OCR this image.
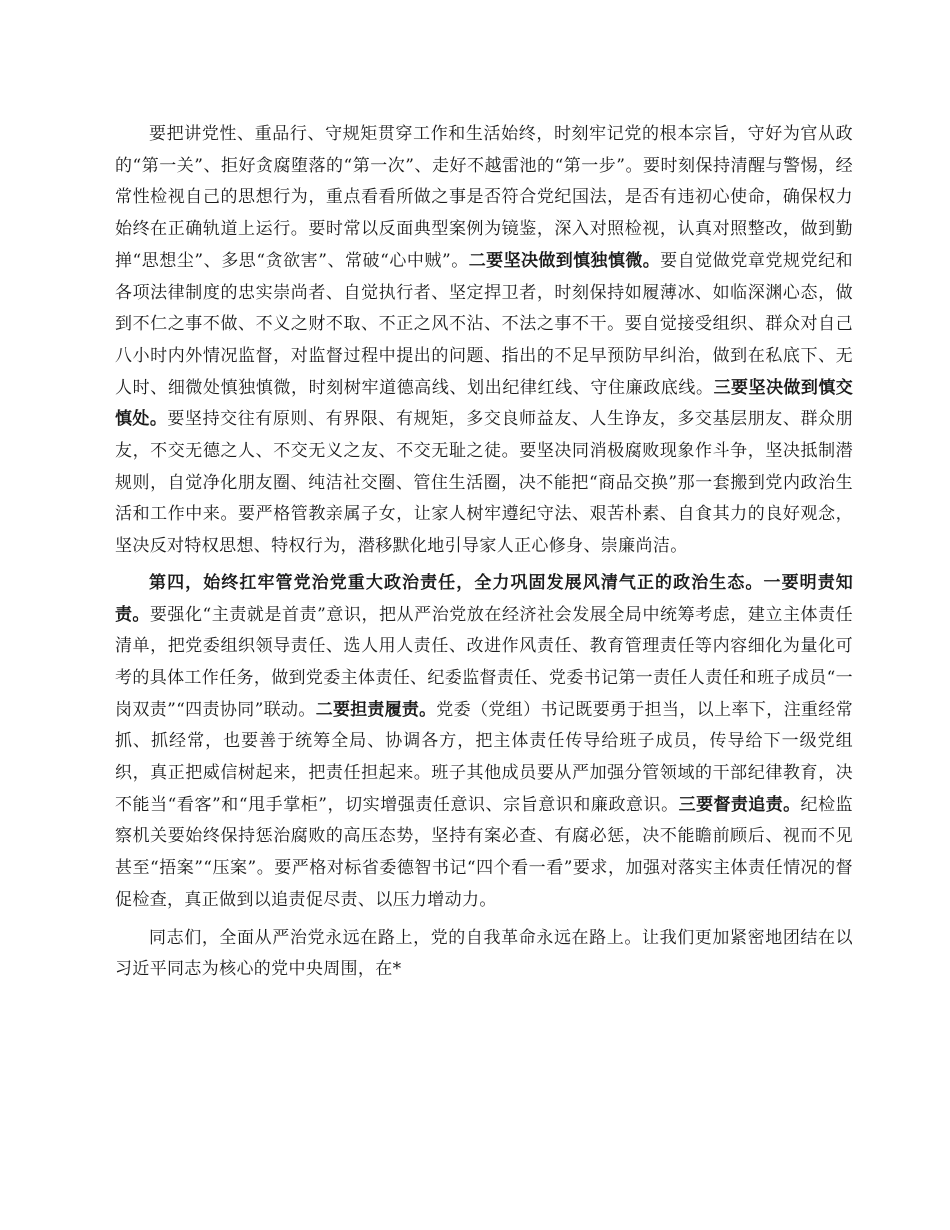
要把讲党性、重品行、守规矩贯穿工作和生活始终，时刻牢记党的根本宗旨，守好为官从政的“第一关”、拒好贪腐堕落的“第一次”、走好不越雷池的“第一步”。要时刻保持清醒与警惕，经常性检视自己的思想行为，重点看看所做之事是否符合党纪国法，是否有违初心使命，确保权力始终在正确轨道上运行。要时常以反面典型案例为镜鉴，深入对照检视，认真对照整改，做到勤掸“思想尘”、多思“贪欲害”、常破“心中贼”。二要坚决做到慎独慎微。要自觉做党章党规党纪和各项法律制度的忠实崇尚者、自觉执行者、坚定捍卫者，时刻保持如履薄冰、如临深渊心态，做到不仁之事不做、不义之财不取、不正之风不沾、不法之事不干。要自觉接受组织、群众对自己八小时内外情况监督，对监督过程中提出的问题、指出的不足早预防早纠治，做到在私底下、无人时、细微处慎独慎微，时刻树牢道德高线、划出纪律红线、守住廉政底线。三要坚决做到慎交慎处。要坚持交往有原则、有界限、有规矩，多交良师益友、人生诤友，多交基层朋友、群众朋友，不交无德之人、不交无义之友、不交无耻之徒。要坚决同消极腐败现象作斗争，坚决抵制潜规则，自觉净化朋友圈、纯洁社交圈、管住生活圈，决不能把“商品交换”那一套搬到党内政治生活和工作中来。要严格管教亲属子女，让家人树牢遵纪守法、艰苦朴素、自食其力的良好观念，坚决反对特权思想、特权行为，潜移默化地引导家人正心修身、崇廉尚洁。

第四，始终扛牢管党治党重大政治责任，全力巩固发展风清气正的政治生态。一要明责知责。要强化“主责就是首责”意识，把从严治党放在经济社会发展全局中统筹考虑，建立主体责任清单，把党委组织领导责任、选人用人责任、改进作风责任、教育管理责任等内容细化为量化可考的具体工作任务，做到党委主体责任、纪委监督责任、党委书记第一责任人责任和班子成员“一岗双责”“四责协同”联动。二要担责履责。党委（党组）书记既要勇于担当，以上率下，注重经常抓、抓经常，也要善于统筹全局、协调各方，把主体责任传导给班子成员，传导给下一级党组织，真正把威信树起来，把责任担起来。班子其他成员要从严加强分管领域的干部纪律教育，决不能当“看客”和“甩手掌柜”，切实增强责任意识、宗旨意识和廉政意识。三要督责追责。纪检监察机关要始终保持惩治腐败的高压态势，坚持有案必查、有腐必惩，决不能瞻前顾后、视而不见甚至“捂案”“压案”。要严格对标省委德智书记“四个看一看”要求，加强对落实主体责任情况的督促检查，真正做到以追责促尽责、以压力增动力。

同志们，全面从严治党永远在路上，党的自我革命永远在路上。让我们更加紧密地团结在以习近平同志为核心的党中央周围，在*
